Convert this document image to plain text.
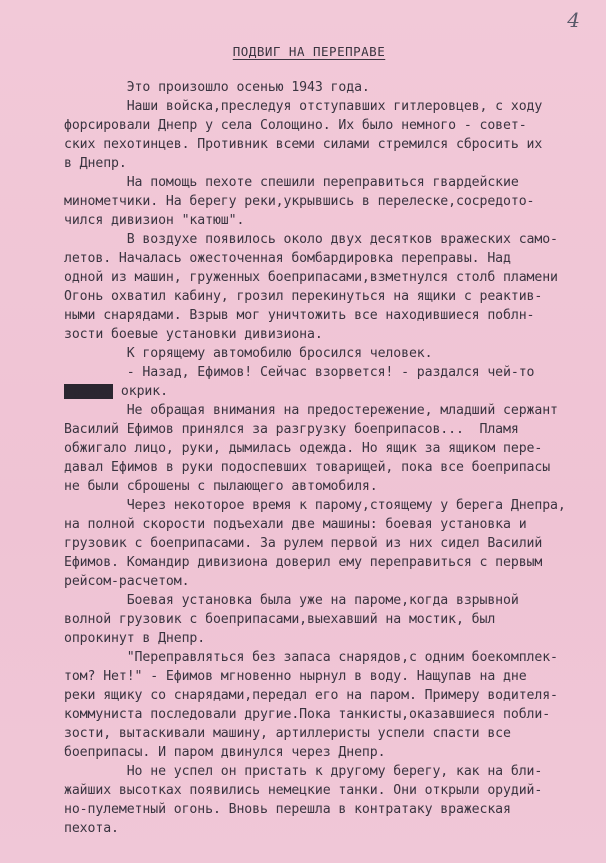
4
ПОДВИГ НА ПЕРЕПРАВЕ
Это произошло осенью 1943 года.
Наши войска,преследуя отступавших гитлеровцев, с ходу
форсировали Днепр у села Солощино. Их было немного - совет-
ских пехотинцев. Противник всеми силами стремился сбросить их
в Днепр.
На помощь пехоте спешили переправиться гвардейские
минометчики. На берегу реки,укрывшись в перелеске,сосредото-
чился дивизион "катюш".
В воздухе появилось около двух десятков вражеских само-
летов. Началась ожесточенная бомбардировка переправы. Над
одной из машин, груженных боеприпасами,взметнулся столб пламени
Огонь охватил кабину, грозил перекинуться на ящики с реактив-
ными снарядами. Взрыв мог уничтожить все находившиеся поблн-
зости боевые установки дивизиона.
К горящему автомобилю бросился человек.
- Назад, Ефимов! Сейчас взорвется! - раздался чей-то
громко окрик.
Не обращая внимания на предостережение, младший сержант
Василий Ефимов принялся за разгрузку боеприпасов...  Пламя
обжигало лицо, руки, дымилась одежда. Но ящик за ящиком пере-
давал Ефимов в руки подоспевших товарищей, пока все боеприпасы
не были сброшены с пылающего автомобиля.
Через некоторое время к парому,стоящему у берега Днепра,
на полной скорости подъехали две машины: боевая установка и
грузовик с боеприпасами. За рулем первой из них сидел Василий
Ефимов. Командир дивизиона доверил ему переправиться с первым
рейсом-расчетом.
Боевая установка была уже на пароме,когда взрывной
волной грузовик с боеприпасами,выехавший на мостик, был
опрокинут в Днепр.
"Переправляться без запаса снарядов,с одним боекомплек-
том? Нет!" - Ефимов мгновенно нырнул в воду. Нащупав на дне
реки ящику со снарядами,передал его на паром. Примеру водителя-
коммуниста последовали другие.Пока танкисты,оказавшиеся побли-
зости, вытаскивали машину, артиллеристы успели спасти все
боеприпасы. И паром двинулся через Днепр.
Но не успел он пристать к другому берегу, как на бли-
жайших высотках появились немецкие танки. Они открыли орудий-
но-пулеметный огонь. Вновь перешла в контратаку вражеская
пехота.
